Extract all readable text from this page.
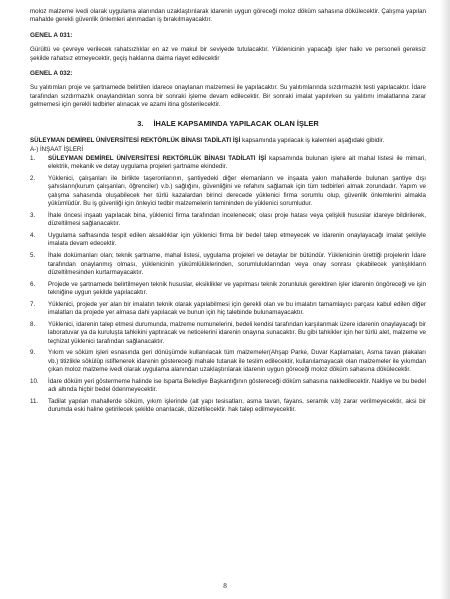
moloz malzeme ivedi olarak uygulama alanından uzaklaştırılarak idarenin uygun göreceği moloz döküm sahasına dökülecektir. Çalışma yapılan mahalde gerekli güvenlik önlemleri alınmadan iş bırakılmayacaktır.

GENEL A 031:

Gürültü ve çevreye verilecek rahatsızlıklar en az ve makul bir seviyede tutulacaktır. Yüklenicinin yapacağı işler halkı ve personeli gereksiz şekilde rahatsız etmeyecektir, geçiş haklarına daima riayet edilecektir

GENEL A 032:

Su yalıtımları proje ve şartnamede belirtilen idarece onaylanan malzemesi ile yapılacaktır. Su yalıtımlarında sızdırmazlık testi yapılacaktır. İdare tarafından sızdırmazlık onaylandıktan sonra bir sonraki işleme devam edilecektir. Bir sonraki imalat yapılırken su yalıtımı imalatlarına zarar gelmemesi için gerekli tedbirler alınacak ve azami itina gösterilecektir.

3. İHALE KAPSAMINDA YAPILACAK OLAN İŞLER

SÜLEYMAN DEMİREL ÜNİVERSİTESİ REKTÖRLÜK BİNASI TADİLATI İŞİ kapsamında yapılacak iş kalemleri aşağıdaki gibidir.

A-) İNŞAAT İŞLERİ
1. SÜLEYMAN DEMİREL ÜNİVERSİTESİ REKTÖRLÜK BİNASI TADİLATI İŞİ kapsamında bulunan işlere ait mahal listesi ile mimari, elektrik, mekanik ve detay uygulama projeleri şartname ekindedir.
2. Yüklenici, çalışanları ile birlikte taşeronlarının, şantiyedeki diğer elemanların ve inşaata yakın mahallerde bulunan şantiye dışı şahısların(kurum çalışanları, öğrenciler) v.b.) sağlığını, güvenliğini ve refahını sağlamak için tüm tedbirleri almak zorundadır. Yapım ve çalışma sahasında oluşabilecek her türlü kazalardan birinci derecede yüklenici firma sorumlu olup, güvenlik önlemlerini almakla yükümlüdür. Bu iş güvenliği için önleyici tedbir malzemelerin temininden de yüklenici sorumludur.
3. İhale öncesi inşaatı yapılacak bina, yüklenici firma tarafından incelenecek; olası proje hatası veya çelişkili hususlar idareye bildirilerek, düzeltilmesi sağlanacaktır.
4. Uygulama safhasında tespit edilen aksaklıklar için yüklenici firma bir bedel talep etmeyecek ve idarenin onaylayacağı imalat şekliyle imalata devam edecektir.
5. İhale dokümanları olan; teknik şartname, mahal listesi, uygulama projeleri ve detaylar bir bütündür. Yüklenicinin ürettiği projelerin İdare tarafından onaylanmış olması, yüklenicinin yükümlülüklerinden, sorumluluklarından veya onay sonrası çıkabilecek yanlışlıkların düzeltilmesinden kurtarmayacaktır.
6. Projede ve şartnamede belirtilmeyen teknik hususlar, eksiklikler ve yapılması teknik zorunluluk gerektiren işler idarenin öngöreceği ve işin tekniğine uygun şekilde yapılacaktır.
7. Yüklenici, projede yer alan bir imalatın teknik olarak yapılabilmesi için gerekli olan ve bu imalatın tamamlayıcı parçası kabul edilen diğer imalatları da projede yer almasa dahi yapılacak ve bunun için hiç talebinde bulunamayacaktır.
8. Yüklenici, idarenin talep etmesi durumunda, malzeme numunelerini, bedeli kendisi tarafından karşılanmak üzere idarenin onaylayacağı bir laboratuvar ya da kuruluşta tahkikini yaptıracak ve neticelerini idarenin onayına sunacaktır. Bu gibi tahkikler için her türlü alet, malzeme ve teçhizat yüklenici tarafından sağlanacaktır.
9. Yıkım ve söküm işleri esnasında geri dönüşümde kullanılacak tüm malzemeler(Ahşap Parke, Duvar Kaplamaları, Asma tavan plakaları vb.) titizlikle sökülüp istiflenerek idarenin göstereceği mahale tutanak ile teslim edilecektir, kullanılamayacak olan malzemeler ile yıkımdan çıkan moloz malzeme ivedi olarak uygulama alanından uzaklaştırılarak idarenin uygun göreceği moloz döküm sahasına dökülecektir.
10. İdare döküm yeri göstermeme halinde ise Isparta Belediye Başkanlığının göstereceği döküm sahasına nakledilecektir. Nakliye ve bu bedel adı altında hiçbir bedel ödenmeyecektir.
11. Tadilat yapılan mahallerde söküm, yıkım işlerinde (alt yapı tesisatları, asma tavan, fayans, seramik v.b) zarar verilmeyecektir, aksi bir durumda eski haline getirilecek şekilde onarılacak, düzeltilecektir. hak talep edilmeyecektir.
8
